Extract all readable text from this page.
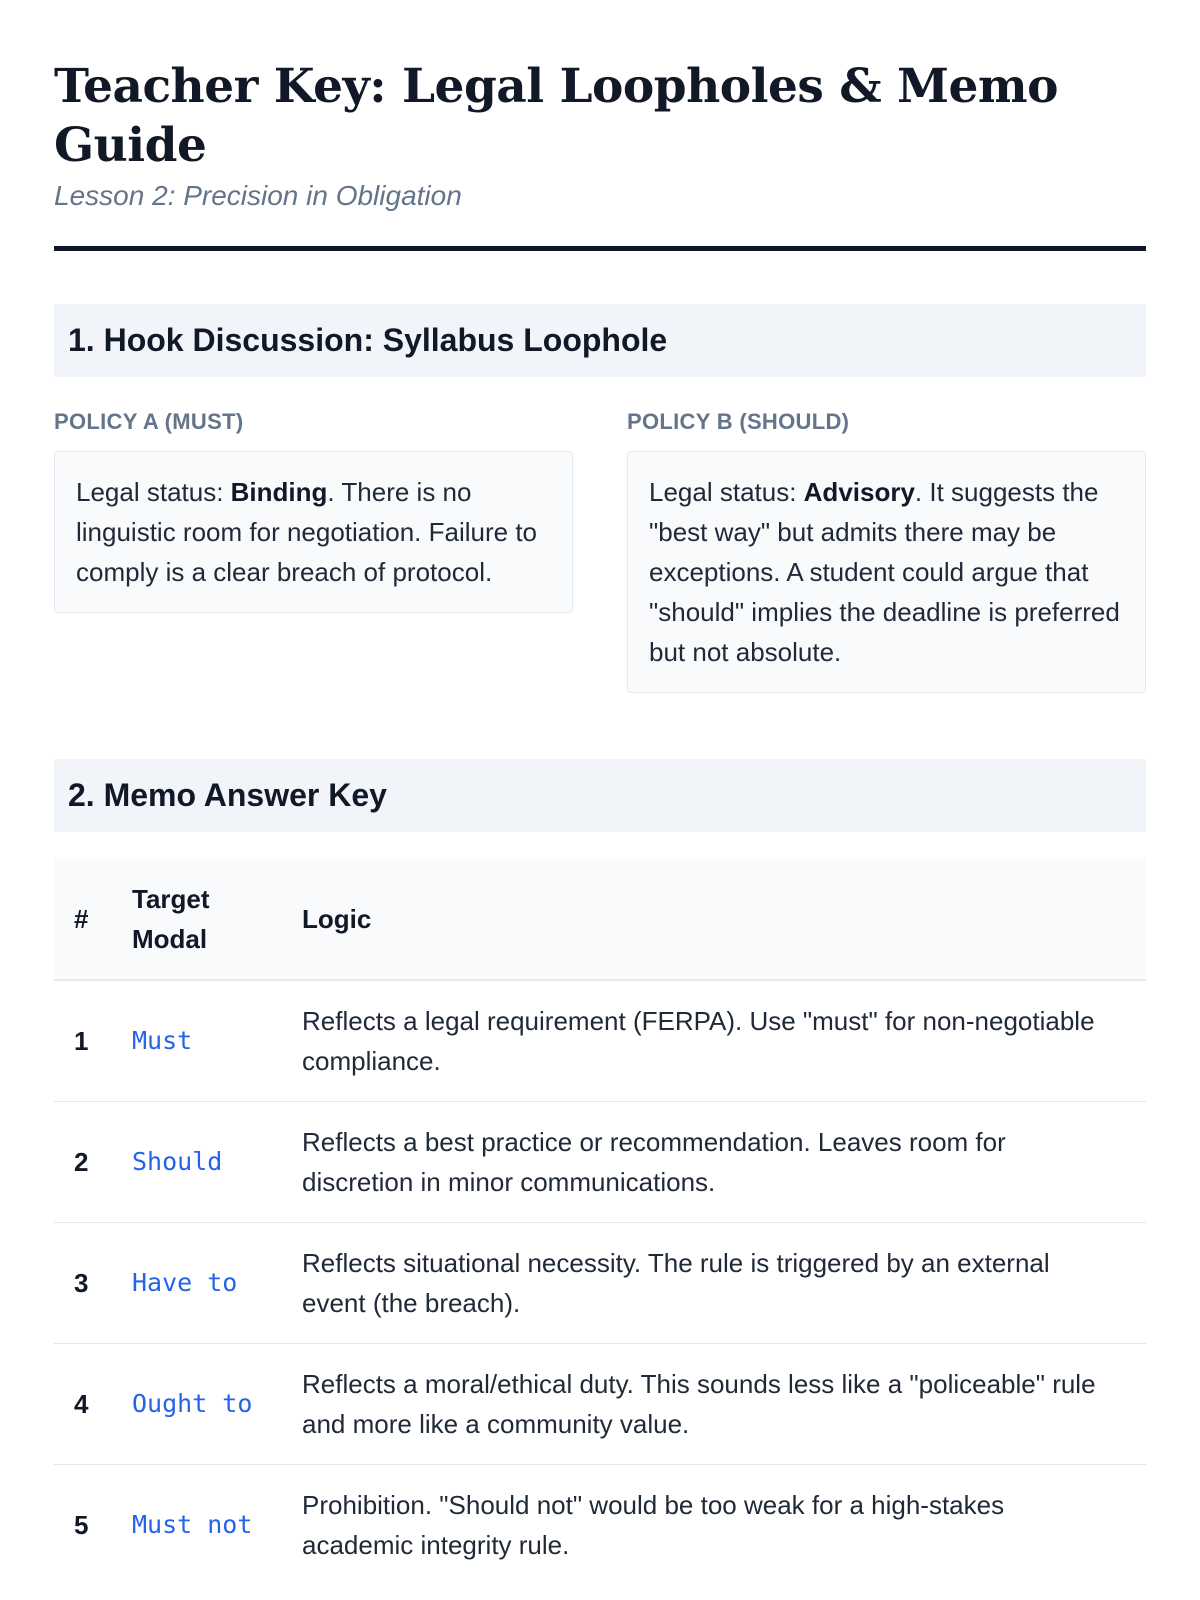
Teacher Key: Legal Loopholes & Memo Guide
Lesson 2: Precision in Obligation
1. Hook Discussion: Syllabus Loophole
POLICY A (MUST)
Legal status: Binding. There is no linguistic room for negotiation. Failure to comply is a clear breach of protocol.
POLICY B (SHOULD)
Legal status: Advisory. It suggests the "best way" but admits there may be exceptions. A student could argue that "should" implies the deadline is preferred but not absolute.
2. Memo Answer Key
#	Target Modal	Logic
1	Must	Reflects a legal requirement (FERPA). Use "must" for non-negotiable compliance.
2	Should	Reflects a best practice or recommendation. Leaves room for discretion in minor communications.
3	Have to	Reflects situational necessity. The rule is triggered by an external event (the breach).
4	Ought to	Reflects a moral/ethical duty. This sounds less like a "policeable" rule and more like a community value.
5	Must not	Prohibition. "Should not" would be too weak for a high-stakes academic integrity rule.
